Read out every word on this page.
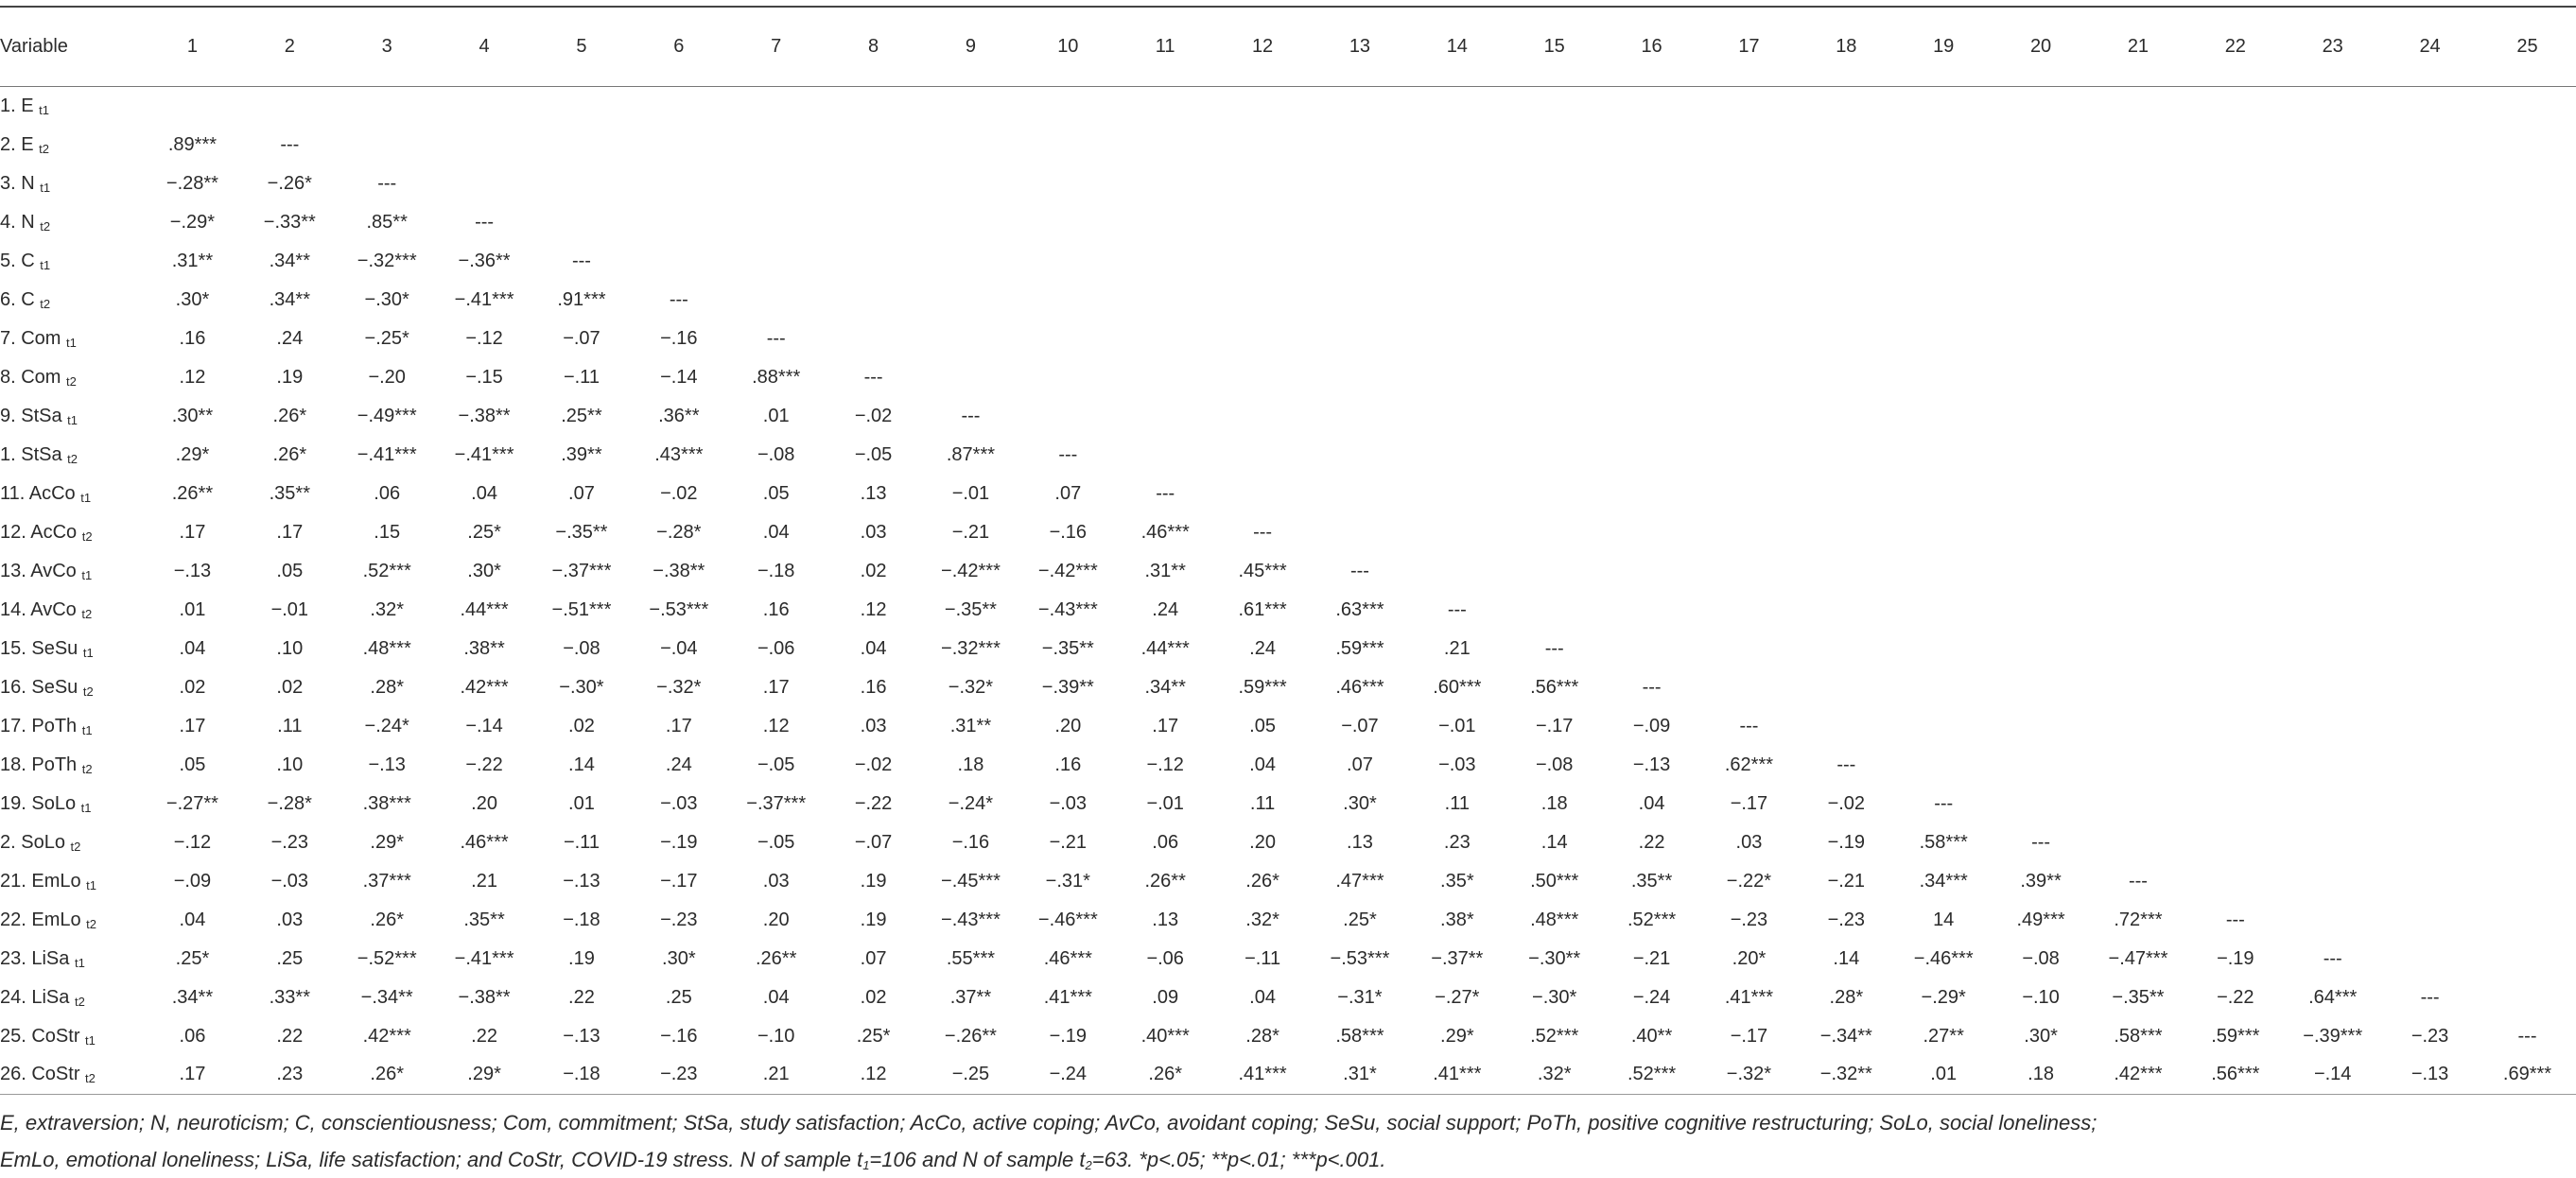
Variable	1	2	3	4	5	6	7	8	9	10	11	12	13	14	15	16	17	18	19	20	21	22	23	24	25
1. E $_{t1}$																									
2. E $_{t2}$	.89***	---																							
3. N $_{t1}$	−.28**	−.26*	---																						
4. N $_{t2}$	−.29*	−.33**	.85**	---																					
5. C $_{t1}$	.31**	.34**	−.32***	−.36**	---																				
6. C $_{t2}$	.30*	.34**	−.30*	−.41***	.91***	---																			
7. Com $_{t1}$	.16	.24	−.25*	−.12	−.07	−.16	---																		
8. Com $_{t2}$	.12	.19	−.20	−.15	−.11	−.14	.88***	---																	
9. StSa $_{t1}$	.30**	.26*	−.49***	−.38**	.25**	.36**	.01	−.02	---																
1. StSa $_{t2}$	.29*	.26*	−.41***	−.41***	.39**	.43***	−.08	−.05	.87***	---															
11. AcCo $_{t1}$	.26**	.35**	.06	.04	.07	−.02	.05	.13	−.01	.07	---														
12. AcCo $_{t2}$	.17	.17	.15	.25*	−.35**	−.28*	.04	.03	−.21	−.16	.46***	---													
13. AvCo $_{t1}$	−.13	.05	.52***	.30*	−.37***	−.38**	−.18	.02	−.42***	−.42***	.31**	.45***	---												
14. AvCo $_{t2}$	.01	−.01	.32*	.44***	−.51***	−.53***	.16	.12	−.35**	−.43***	.24	.61***	.63***	---											
15. SeSu $_{t1}$	.04	.10	.48***	.38**	−.08	−.04	−.06	.04	−.32***	−.35**	.44***	.24	.59***	.21	---										
16. SeSu $_{t2}$	.02	.02	.28*	.42***	−.30*	−.32*	.17	.16	−.32*	−.39**	.34**	.59***	.46***	.60***	.56***	---									
17. PoTh $_{t1}$	.17	.11	−.24*	−.14	.02	.17	.12	.03	.31**	.20	.17	.05	−.07	−.01	−.17	−.09	---								
18. PoTh $_{t2}$	.05	.10	−.13	−.22	.14	.24	−.05	−.02	.18	.16	−.12	.04	.07	−.03	−.08	−.13	.62***	---							
19. SoLo $_{t1}$	−.27**	−.28*	.38***	.20	.01	−.03	−.37***	−.22	−.24*	−.03	−.01	.11	.30*	.11	.18	.04	−.17	−.02	---						
2. SoLo $_{t2}$	−.12	−.23	.29*	.46***	−.11	−.19	−.05	−.07	−.16	−.21	.06	.20	.13	.23	.14	.22	.03	−.19	.58***	---					
21. EmLo $_{t1}$	−.09	−.03	.37***	.21	−.13	−.17	.03	.19	−.45***	−.31*	.26**	.26*	.47***	.35*	.50***	.35**	−.22*	−.21	.34***	.39**	---				
22. EmLo $_{t2}$	.04	.03	.26*	.35**	−.18	−.23	.20	.19	−.43***	−.46***	.13	.32*	.25*	.38*	.48***	.52***	−.23	−.23	14	.49***	.72***	---			
23. LiSa $_{t1}$	.25*	.25	−.52***	−.41***	.19	.30*	.26**	.07	.55***	.46***	−.06	−.11	−.53***	−.37**	−.30**	−.21	.20*	.14	−.46***	−.08	−.47***	−.19	---		
24. LiSa $_{t2}$	.34**	.33**	−.34**	−.38**	.22	.25	.04	.02	.37**	.41***	.09	.04	−.31*	−.27*	−.30*	−.24	.41***	.28*	−.29*	−.10	−.35**	−.22	.64***	---	
25. CoStr $_{t1}$	.06	.22	.42***	.22	−.13	−.16	−.10	.25*	−.26**	−.19	.40***	.28*	.58***	.29*	.52***	.40**	−.17	−.34**	.27**	.30*	.58***	.59***	−.39***	−.23	---
26. CoStr $_{t2}$	.17	.23	.26*	.29*	−.18	−.23	.21	.12	−.25	−.24	.26*	.41***	.31*	.41***	.32*	.52***	−.32*	−.32**	.01	.18	.42***	.56***	−.14	−.13	.69***

E, extraversion; N, neuroticism; C, conscientiousness; Com, commitment; StSa, study satisfaction; AcCo, active coping; AvCo, avoidant coping; SeSu, social support; PoTh, positive cognitive restructuring; SoLo, social loneliness;

EmLo, emotional loneliness; LiSa, life satisfaction; and CoStr, COVID-19 stress. N of sample $t_1=106$ and N of sample $t_2=63$. *p<.05; **p<.01; ***p<.001.
